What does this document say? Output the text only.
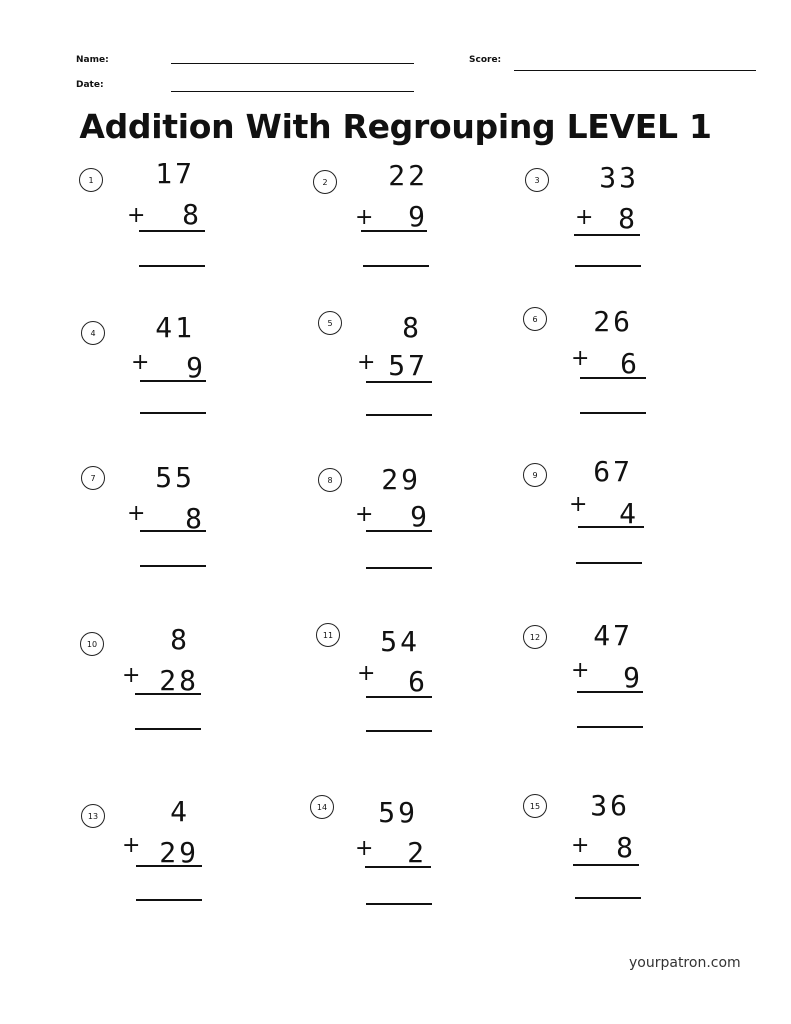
Name:
Date:
Score:
Addition With Regrouping LEVEL 1
1	17
+	8
2	22
+	9
3	33
+ 8
4	41
+	9
5	8
+ 57
6	26
+	6
7	55
+	8
8	29
+	9
9	67
+	4
10	8
+ 28
11	54
+	6
12	47
+	9
13	4
+ 29
14	59
+	2
15	36
+ 8
yourpatron.com
